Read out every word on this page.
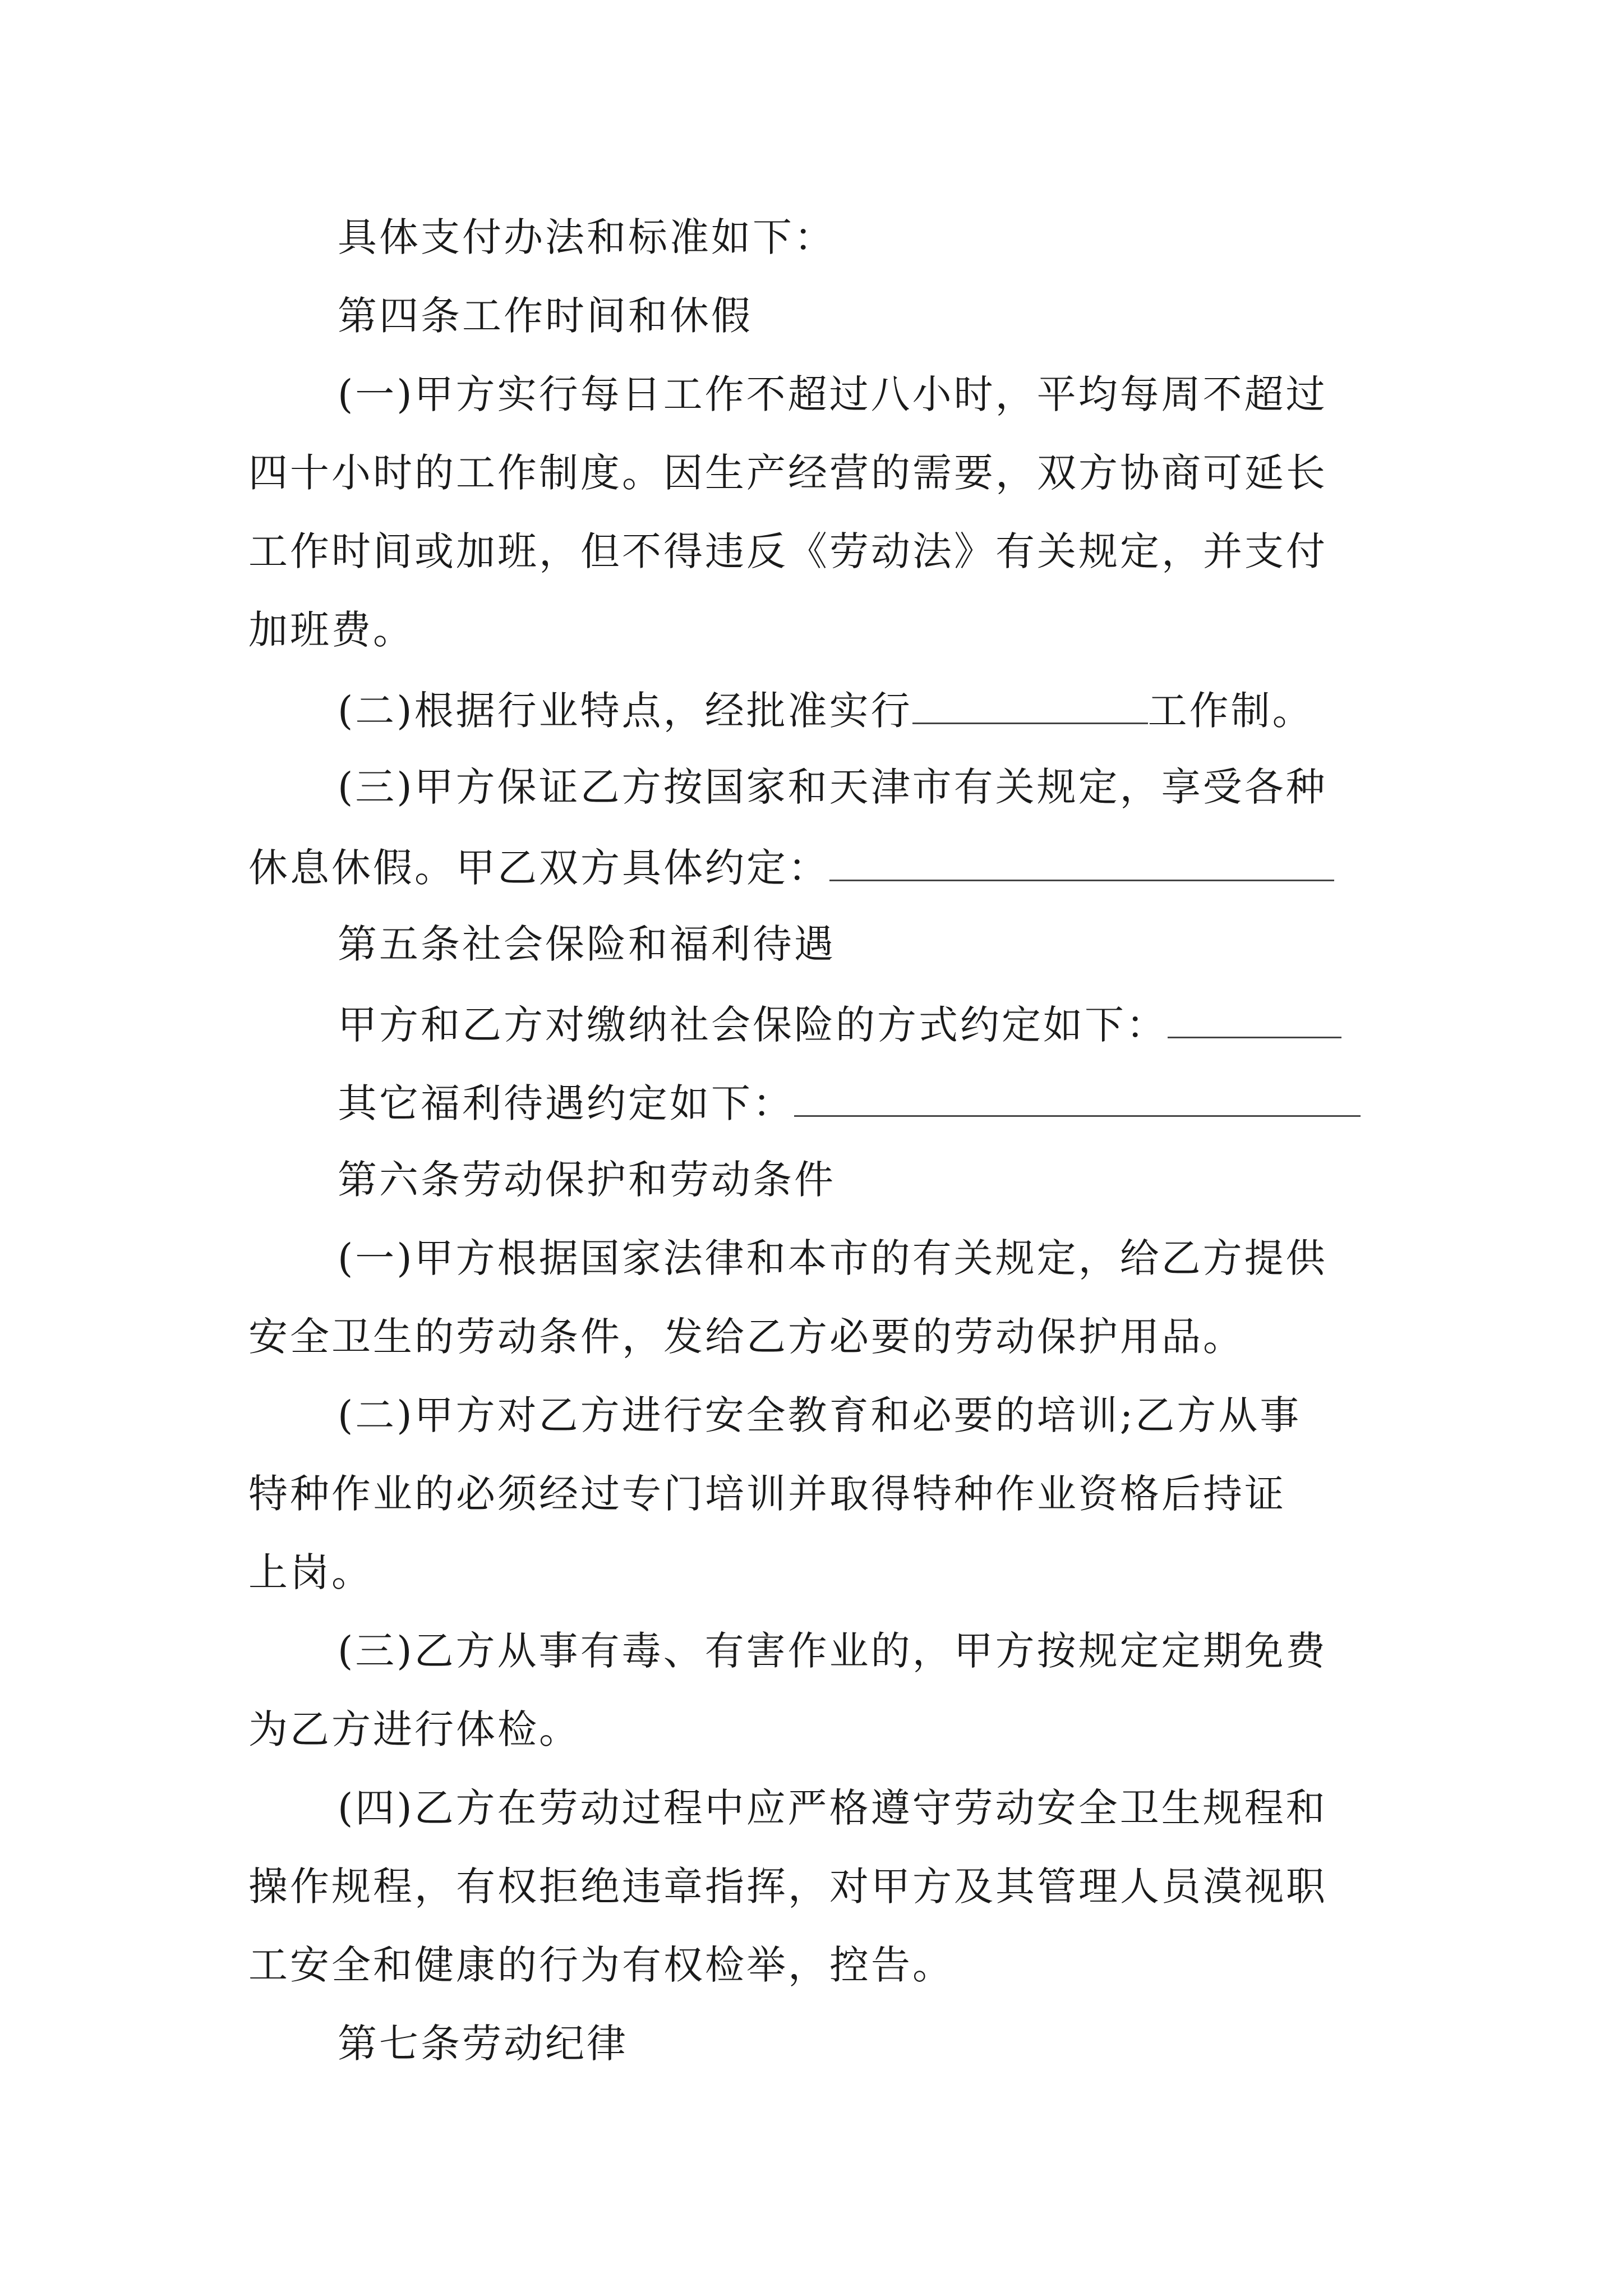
具体支付办法和标准如下：
第四条工作时间和休假
(一)甲方实行每日工作不超过八小时，平均每周不超过
四十小时的工作制度。因生产经营的需要，双方协商可延长
工作时间或加班，但不得违反《劳动法》有关规定，并支付
加班费。
(二)根据行业特点，经批准实行	工作制。
(三)甲方保证乙方按国家和天津市有关规定，享受各种
休息休假。甲乙双方具体约定：
第五条社会保险和福利待遇
甲方和乙方对缴纳社会保险的方式约定如下：
其它福利待遇约定如下：
第六条劳动保护和劳动条件
(一)甲方根据国家法律和本市的有关规定，给乙方提供
安全卫生的劳动条件，发给乙方必要的劳动保护用品。
(二)甲方对乙方进行安全教育和必要的培训;乙方从事
特种作业的必须经过专门培训并取得特种作业资格后持证
上岗。
(三)乙方从事有毒、有害作业的，甲方按规定定期免费
为乙方进行体检。
(四)乙方在劳动过程中应严格遵守劳动安全卫生规程和
操作规程，有权拒绝违章指挥，对甲方及其管理人员漠视职
工安全和健康的行为有权检举，控告。
第七条劳动纪律
